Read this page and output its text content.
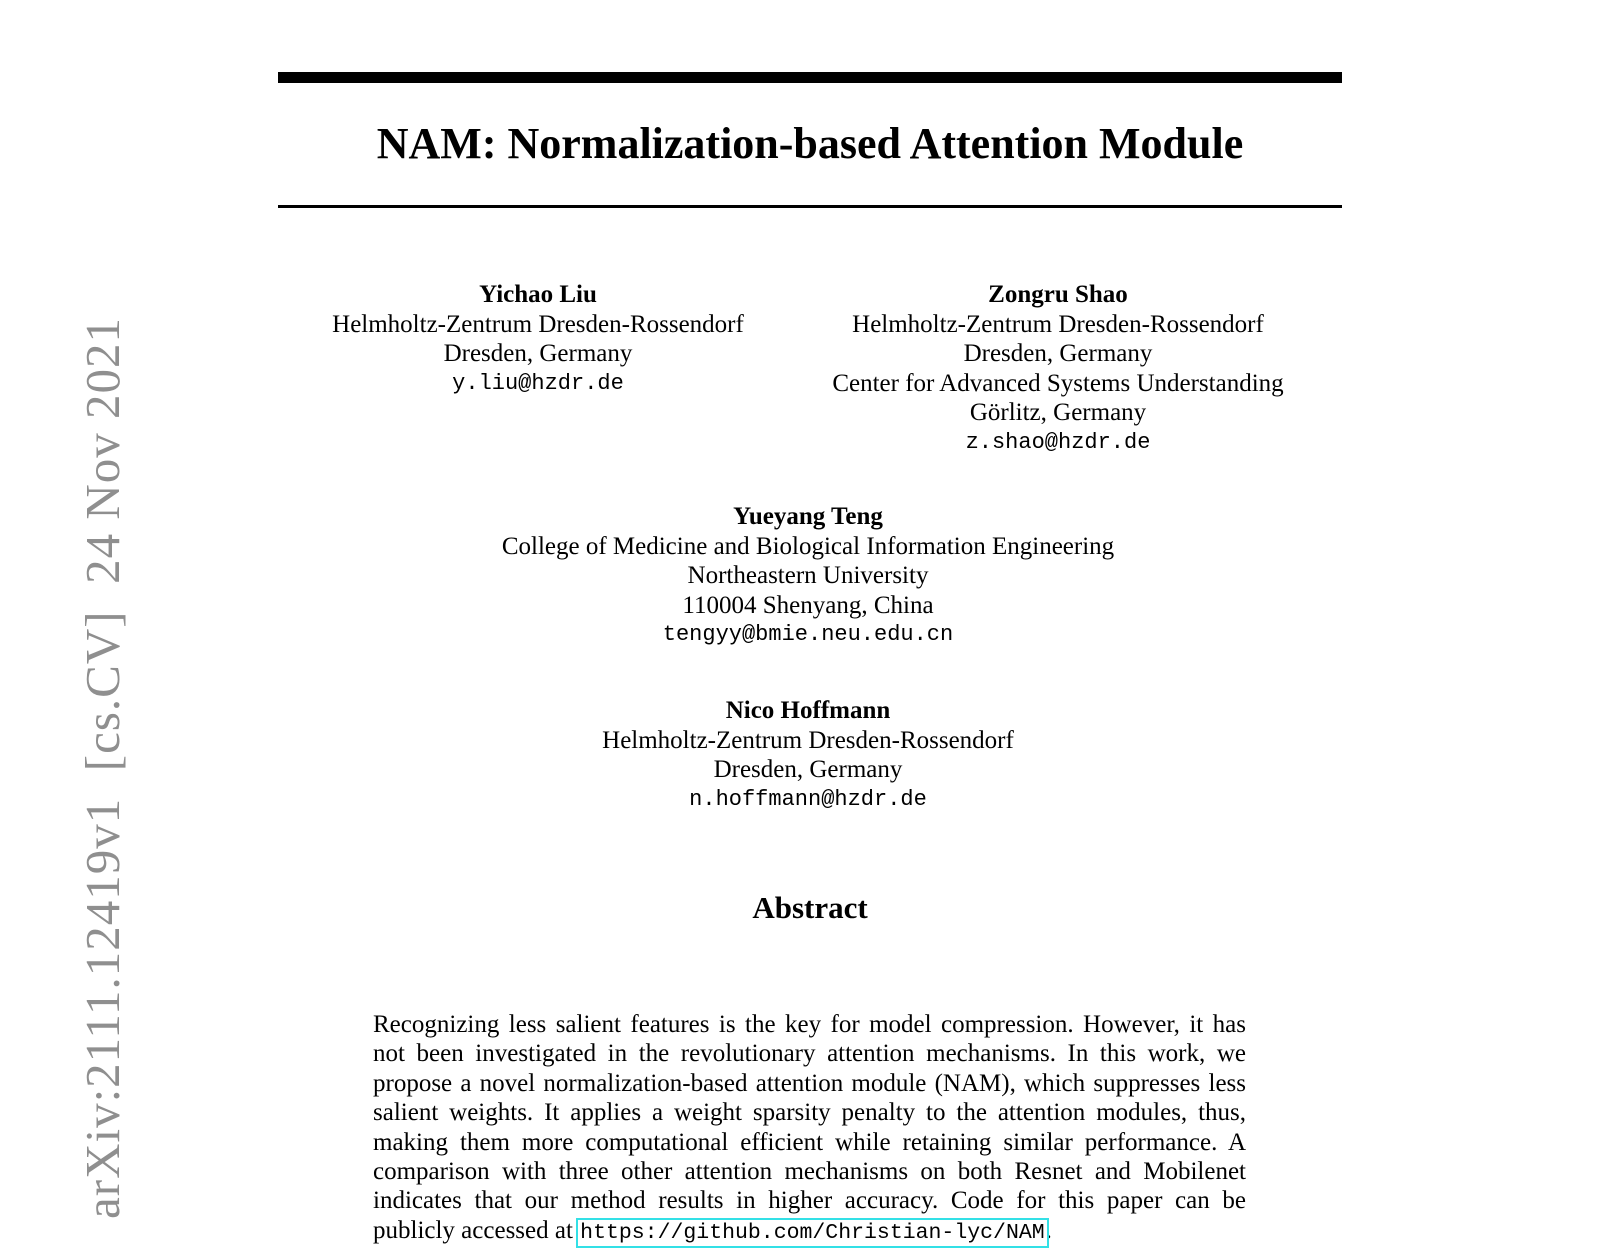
arXiv:2111.12419v1  [cs.CV]  24 Nov 2021
NAM: Normalization-based Attention Module
Yichao Liu
Helmholtz-Zentrum Dresden-Rossendorf
Dresden, Germany
y.liu@hzdr.de
Zongru Shao
Helmholtz-Zentrum Dresden-Rossendorf
Dresden, Germany
Center for Advanced Systems Understanding
Görlitz, Germany
z.shao@hzdr.de
Yueyang Teng
College of Medicine and Biological Information Engineering
Northeastern University
110004 Shenyang, China
tengyy@bmie.neu.edu.cn
Nico Hoffmann
Helmholtz-Zentrum Dresden-Rossendorf
Dresden, Germany
n.hoffmann@hzdr.de
Abstract

Recognizing less salient features is the key for model compression. However, it has not been investigated in the revolutionary attention mechanisms. In this work, we propose a novel normalization-based attention module (NAM), which suppresses less salient weights. It applies a weight sparsity penalty to the attention modules, thus, making them more computational efficient while retaining similar performance. A comparison with three other attention mechanisms on both Resnet and Mobilenet indicates that our method results in higher accuracy. Code for this paper can be publicly accessed at https://github.com/Christian-lyc/NAM.
